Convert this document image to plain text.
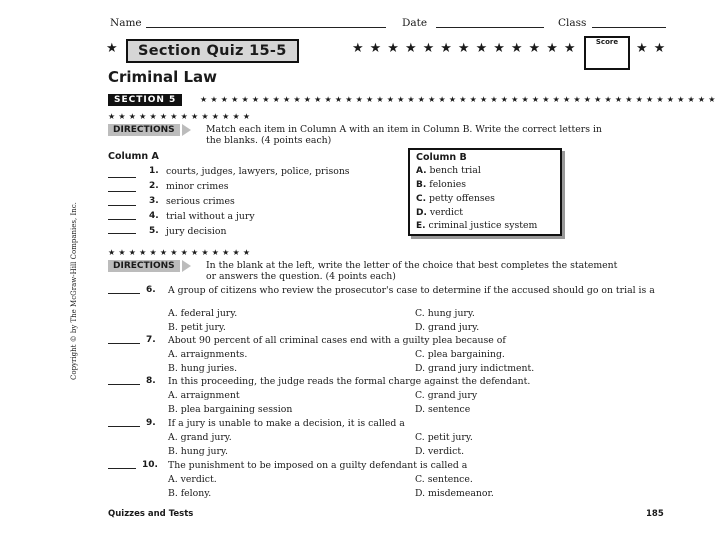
Name	Date	Class
★ Section Quiz 15-5	★★★★★★★★★★★★★	Score	★★
Criminal Law
SECTION 5	★★★★★★★★★★★★★★★★★★★★★★★★★★★★★★★★★★★★★★★★★★★★★★★★★★
★★★★★★★★★★★★★★
DIRECTIONS	Match each item in Column A with an item in Column B. Write the correct letters in the blanks. (4 points each)
Column A
1. courts, judges, lawyers, police, prisons
2. minor crimes
3. serious crimes
4. trial without a jury
5. jury decision
Column B
A. bench trial
B. felonies
C. petty offenses
D. verdict
E. criminal justice system
★★★★★★★★★★★★★★
DIRECTIONS	In the blank at the left, write the letter of the choice that best completes the statement or answers the question. (4 points each)
6. A group of citizens who review the prosecutor's case to determine if the accused should go on trial is a
A. federal jury.	C. hung jury.
B. petit jury.	D. grand jury.
7. About 90 percent of all criminal cases end with a guilty plea because of
A. arraignments.	C. plea bargaining.
B. hung juries.	D. grand jury indictment.
8. In this proceeding, the judge reads the formal charge against the defendant.
A. arraignment	C. grand jury
B. plea bargaining session	D. sentence
9. If a jury is unable to make a decision, it is called a
A. grand jury.	C. petit jury.
B. hung jury.	D. verdict.
10. The punishment to be imposed on a guilty defendant is called a
A. verdict.	C. sentence.
B. felony.	D. misdemeanor.
Copyright © by The McGraw-Hill Companies, Inc.
Quizzes and Tests	185
